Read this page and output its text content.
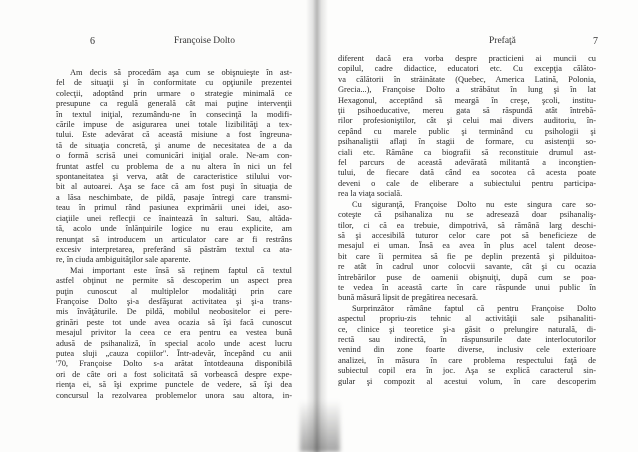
6	Françoise Dolto
Am decis să procedăm aşa cum se obişnuieşte în ast-
fel de situaţii şi în conformitate cu opţiunile prezentei
colecţii, adoptând prin urmare o strategie minimală ce
presupune ca regulă generală cât mai puţine intervenţii
în textul iniţial, rezumându-ne în consecinţă la modifi-
cările impuse de asigurarea unei totale lizibilităţi a tex-
tului. Este adevărat că această misiune a fost îngreuna-
tă de situaţia concretă, şi anume de necesitatea de a da
o formă scrisă unei comunicări iniţial orale. Ne-am con-
fruntat astfel cu problema de a nu altera în nici un fel
spontaneitatea şi verva, atât de caracteristice stilului vor-
bit al autoarei. Aşa se face că am fost puşi în situaţia de
a lăsa neschimbate, de pildă, pasaje întregi care transmi-
teau în primul rând pasiunea exprimării unei idei, aso-
ciaţiile unei reflecţii ce înaintează în salturi. Sau, altăda-
tă, acolo unde înlănţuirile logice nu erau explicite, am
renunţat să introducem un articulator care ar fi restrâns
excesiv interpretarea, preferând să păstrăm textul ca ata-
re, în ciuda ambiguităţilor sale aparente.
Mai important este însă să reţinem faptul că textul
astfel obţinut ne permite să descoperim un aspect prea
puţin cunoscut al multiplelor modalităţi prin care
Françoise Dolto şi-a desfăşurat activitatea şi şi-a trans-
mis învăţăturile. De pildă, mobilul neobositelor ei pere-
grinări peste tot unde avea ocazia să îşi facă cunoscut
mesajul privitor la ceea ce era pentru ea vestea bună
adusă de psihanaliză, în special acolo unde acest lucru
putea sluji „cauza copiilor". Într-adevăr, începând cu anii
'70, Françoise Dolto s-a arătat întotdeauna disponibilă
ori de câte ori a fost solicitată să vorbească despre expe-
rienţa ei, să îşi exprime punctele de vedere, să îşi dea
concursul la rezolvarea problemelor unora sau altora, in-
Prefaţă	7
diferent dacă era vorba despre practicieni ai muncii cu
copilul, cadre didactice, educatori etc. Cu excepţia călăto-
va călătorii în străinătate (Quebec, America Latină, Polonia,
Grecia...), Françoise Dolto a străbătut în lung şi în lat
Hexagonul, acceptând să meargă în creşe, şcoli, institu-
ţii psihoeducative, mereu gata să răspundă atât întrebă-
rilor profesioniştilor, cât şi celui mai divers auditoriu, în-
cepând cu marele public şi terminând cu psihologii şi
psihanaliştii aflaţi în stagii de formare, cu asistenţii so-
ciali etc. Rămâne ca biografii să reconstituie drumul ast-
fel parcurs de această adevărată militantă a inconştien-
tului, de fiecare dată când ea socotea că acesta poate
deveni o cale de eliberare a subiectului pentru participa-
rea la viaţa socială.
Cu siguranţă, Françoise Dolto nu este singura care so-
coteşte că psihanaliza nu se adresează doar psihanaliş-
tilor, ci că ea trebuie, dimpotrivă, să rămână larg deschi-
să şi accesibilă tuturor celor care pot să beneficieze de
mesajul ei uman. Însă ea avea în plus acel talent deose-
bit care îi permitea să fie pe deplin prezentă şi pilduitoa-
re atât în cadrul unor colocvii savante, cât şi cu ocazia
întrebărilor puse de oamenii obişnuiţi, după cum se poa-
te vedea în această carte în care răspunde unui public în
bună măsură lipsit de pregătirea necesară.
Surprinzător rămâne faptul că pentru Françoise Dolto
aspectul propriu-zis tehnic al activităţii sale psihanaliti-
ce, clinice şi teoretice şi-a găsit o prelungire naturală, di-
rectă sau indirectă, în răspunsurile date interlocutorilor
venind din zone foarte diverse, inclusiv cele exterioare
analizei, în măsura în care problema respectului faţă de
subiectul copil era în joc. Aşa se explică caracterul sin-
gular şi compozit al acestui volum, în care descoperim
